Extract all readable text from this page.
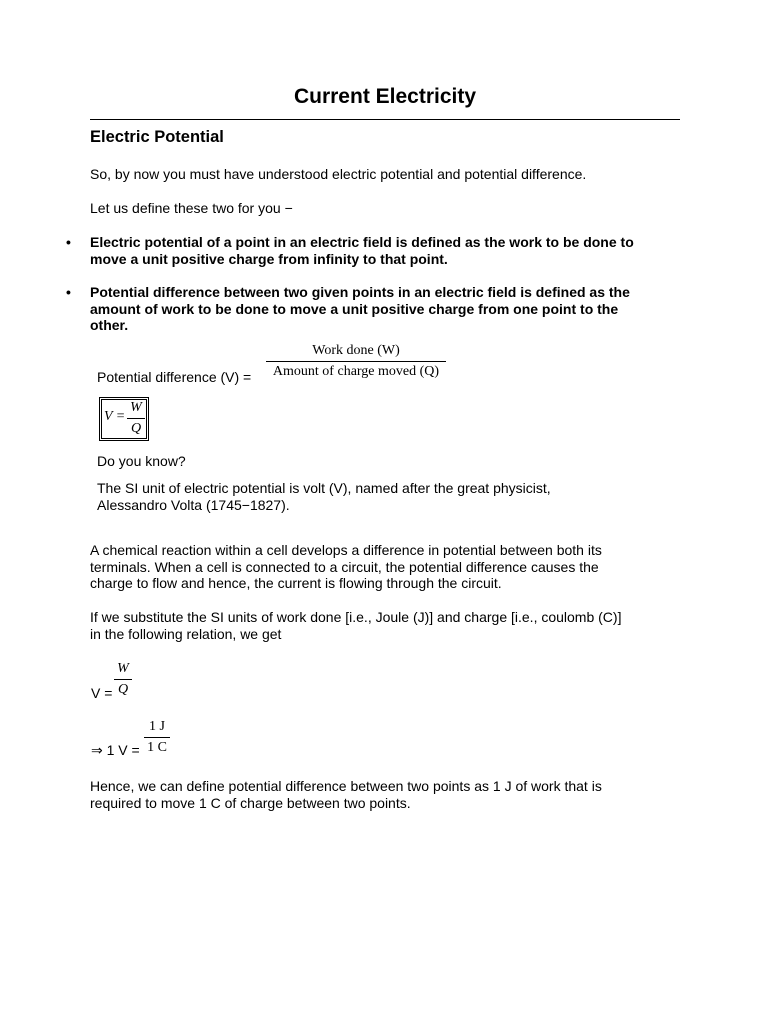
Current Electricity
Electric Potential
So, by now you must have understood electric potential and potential difference.
Let us define these two for you −
• Electric potential of a point in an electric field is defined as the work to be done to
move a unit positive charge from infinity to that point.
• Potential difference between two given points in an electric field is defined as the
amount of work to be done to move a unit positive charge from one point to the
other.
Potential difference (V) =
Work done (W)
Amount of charge moved (Q)
V =
W
Q
Do you know?
The SI unit of electric potential is volt (V), named after the great physicist,
Alessandro Volta (1745−1827).
A chemical reaction within a cell develops a difference in potential between both its
terminals. When a cell is connected to a circuit, the potential difference causes the
charge to flow and hence, the current is flowing through the circuit.
If we substitute the SI units of work done [i.e., Joule (J)] and charge [i.e., coulomb (C)]
in the following relation, we get
V =
W
Q
⇒ 1 V =
1 J
1 C
Hence, we can define potential difference between two points as 1 J of work that is
required to move 1 C of charge between two points.
